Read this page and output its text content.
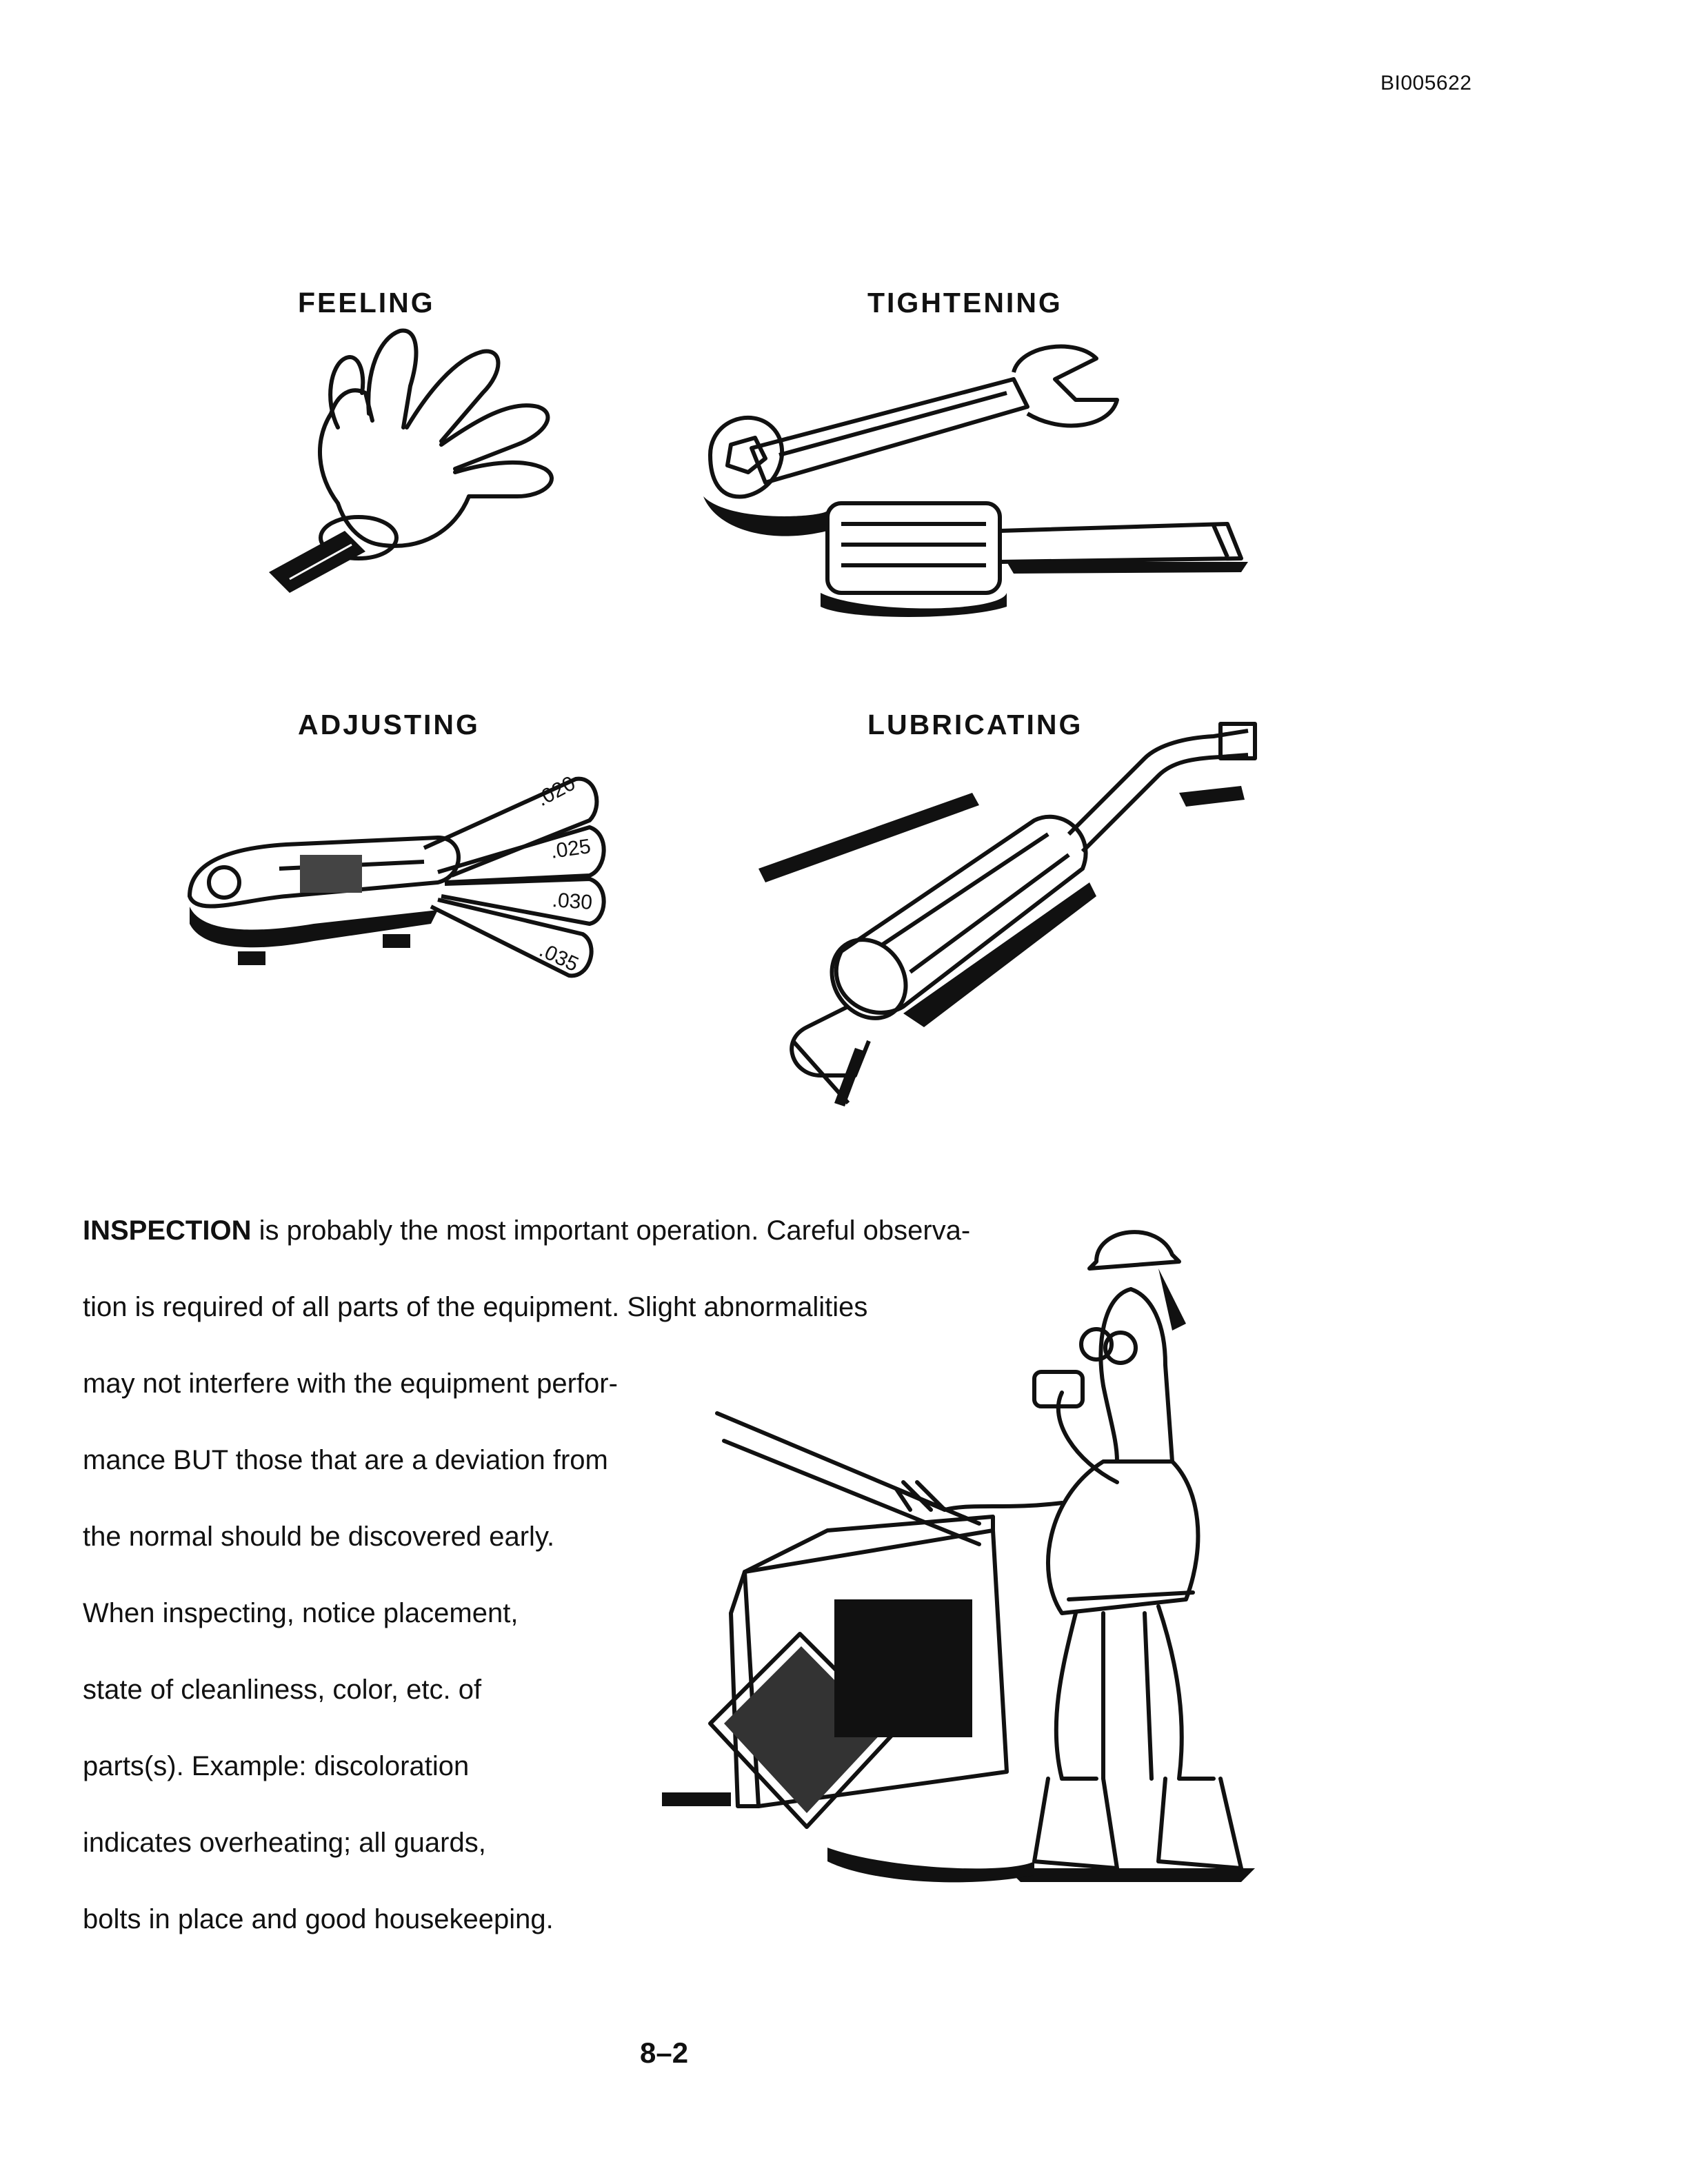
BI005622
FEELING	TIGHTENING
ADJUSTING	LUBRICATING
.020
.025
.030
.035
INSPECTION is probably the most important operation. Careful observa-
tion is required of all parts of the equipment. Slight abnormalities
may not interfere with the equipment perfor-
mance BUT those that are a deviation from
the normal should be discovered early.
When inspecting, notice placement,
state of cleanliness, color, etc. of
parts(s). Example: discoloration
indicates overheating; all guards,
bolts in place and good housekeeping.
8–2
